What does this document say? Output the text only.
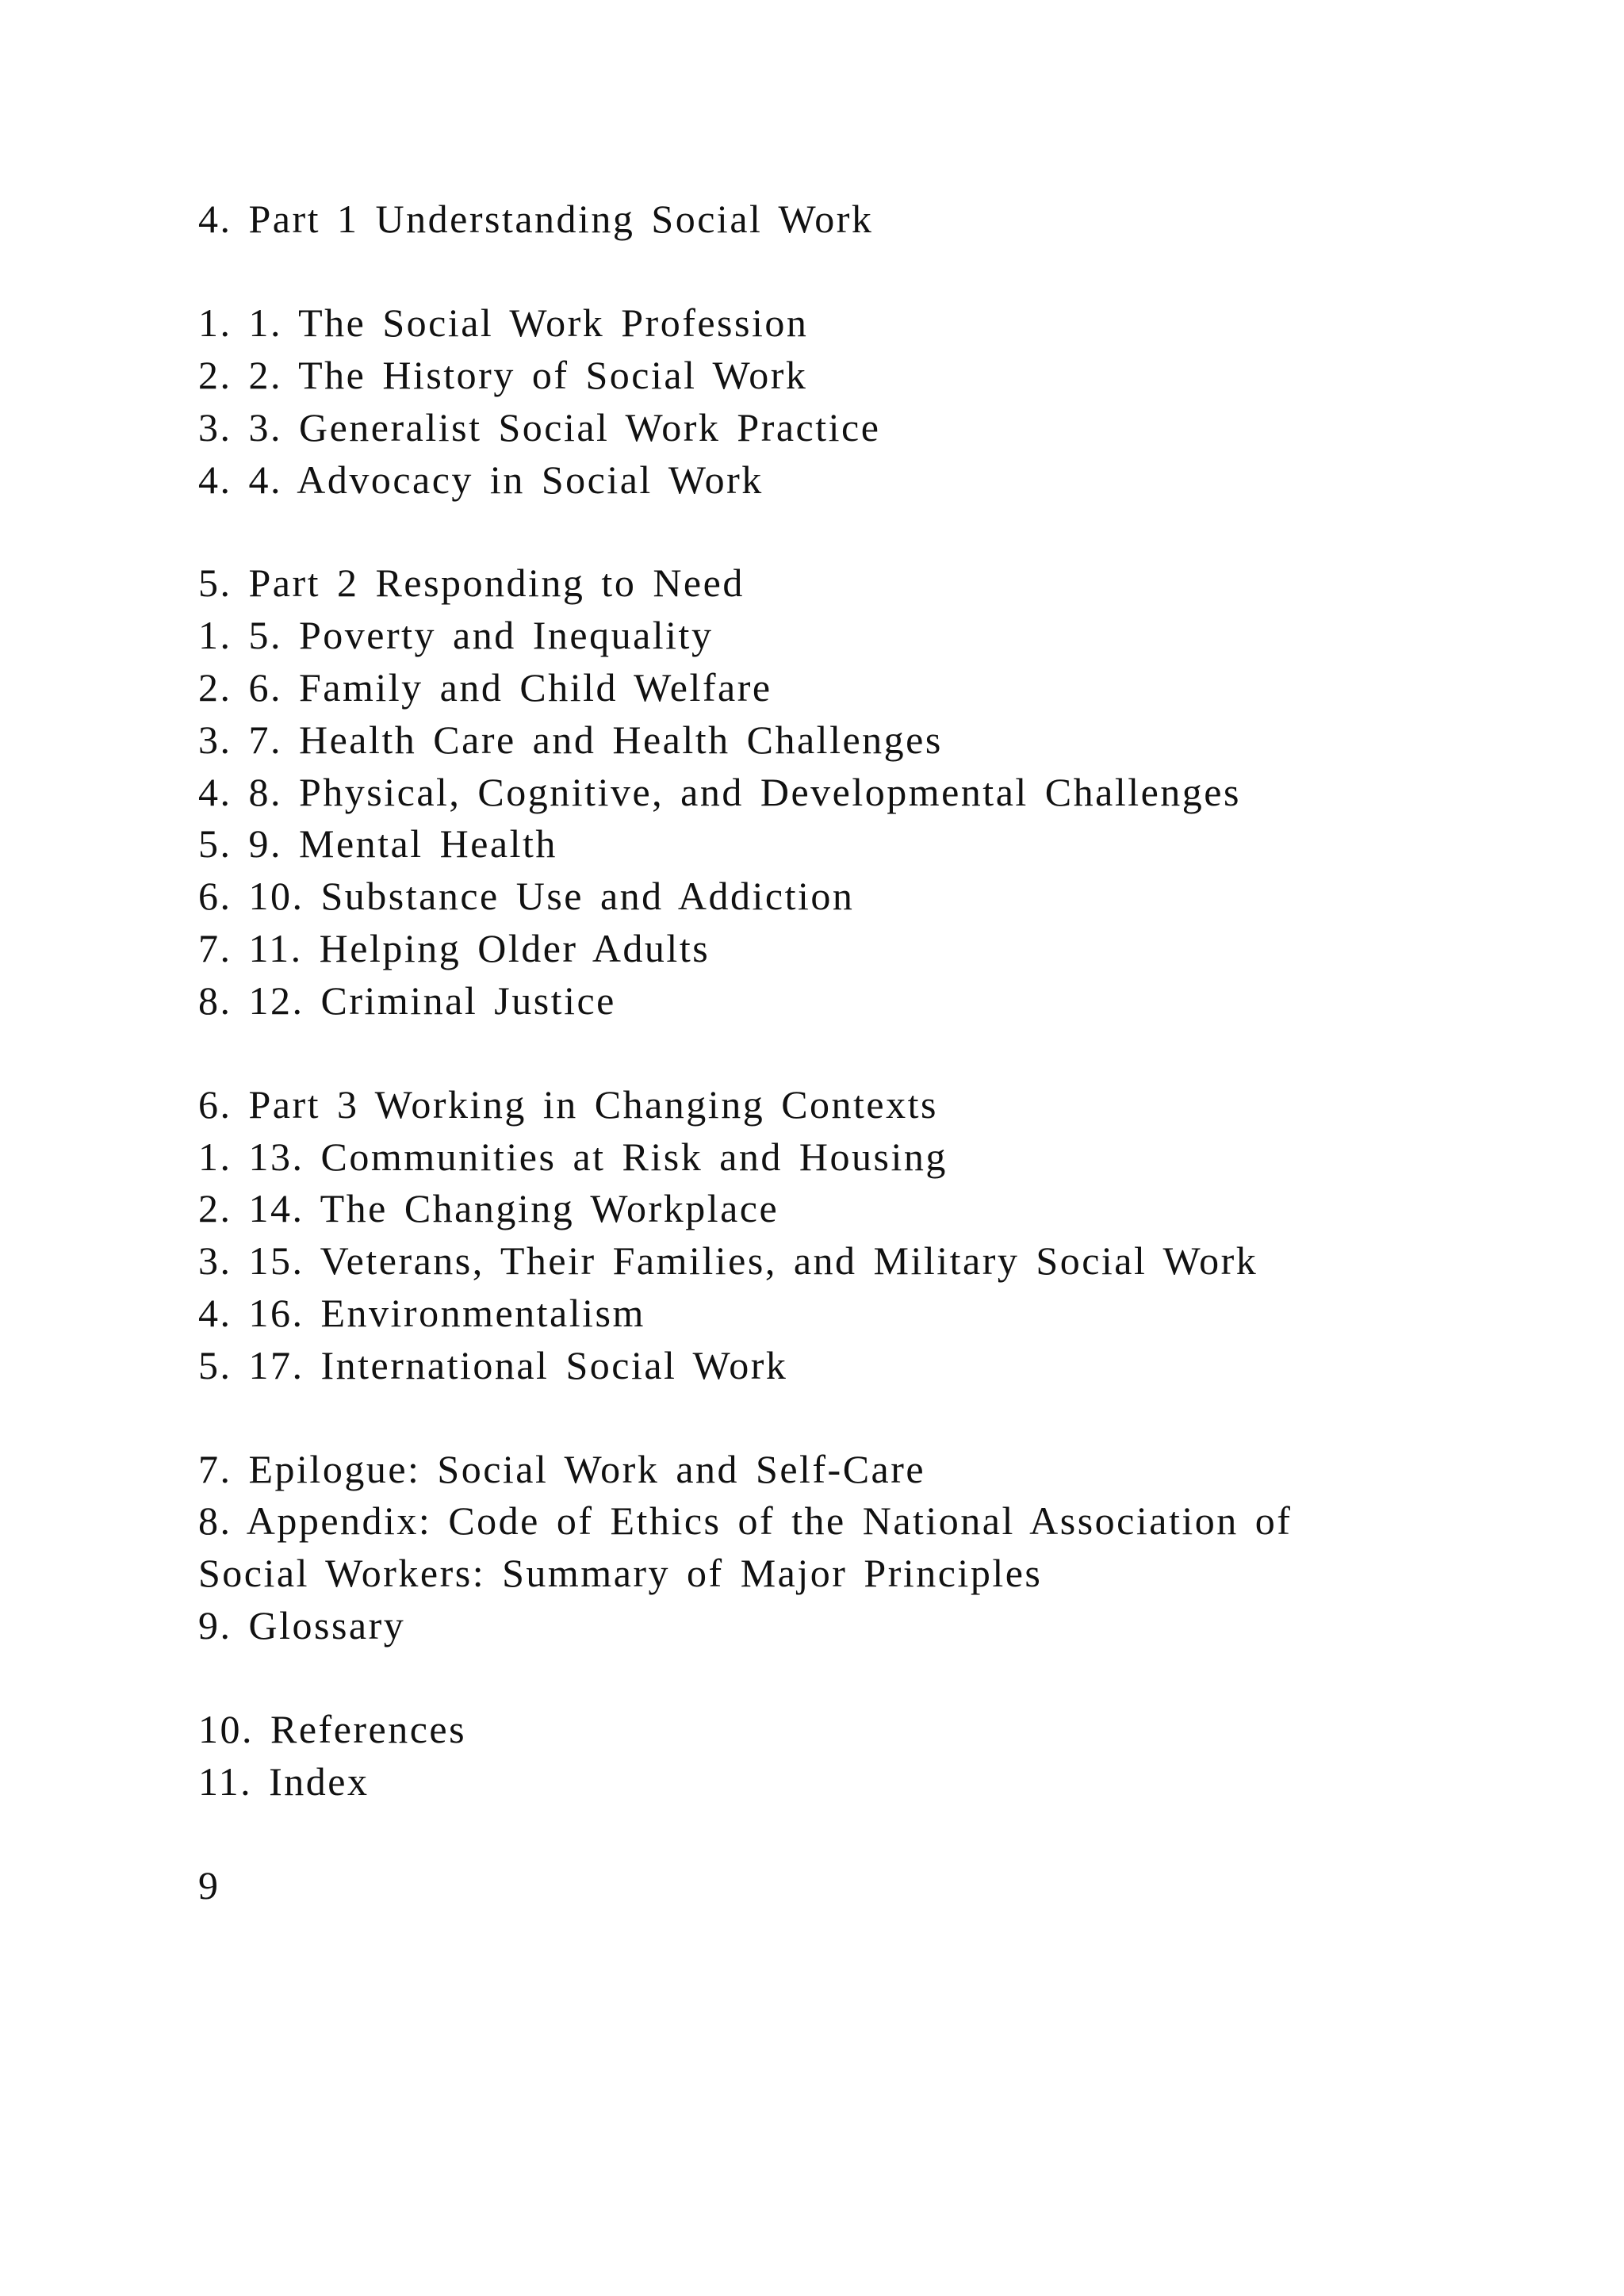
4. Part 1 Understanding Social Work

1. 1. The Social Work Profession

2. 2. The History of Social Work

3. 3. Generalist Social Work Practice

4. 4. Advocacy in Social Work

5. Part 2 Responding to Need

1. 5. Poverty and Inequality

2. 6. Family and Child Welfare

3. 7. Health Care and Health Challenges

4. 8. Physical, Cognitive, and Developmental Challenges

5. 9. Mental Health

6. 10. Substance Use and Addiction

7. 11. Helping Older Adults

8. 12. Criminal Justice

6. Part 3 Working in Changing Contexts

1. 13. Communities at Risk and Housing

2. 14. The Changing Workplace

3. 15. Veterans, Their Families, and Military Social Work

4. 16. Environmentalism

5. 17. International Social Work

7. Epilogue: Social Work and Self-Care

8. Appendix: Code of Ethics of the National Association of

Social Workers: Summary of Major Principles

9. Glossary

10. References

11. Index

9
